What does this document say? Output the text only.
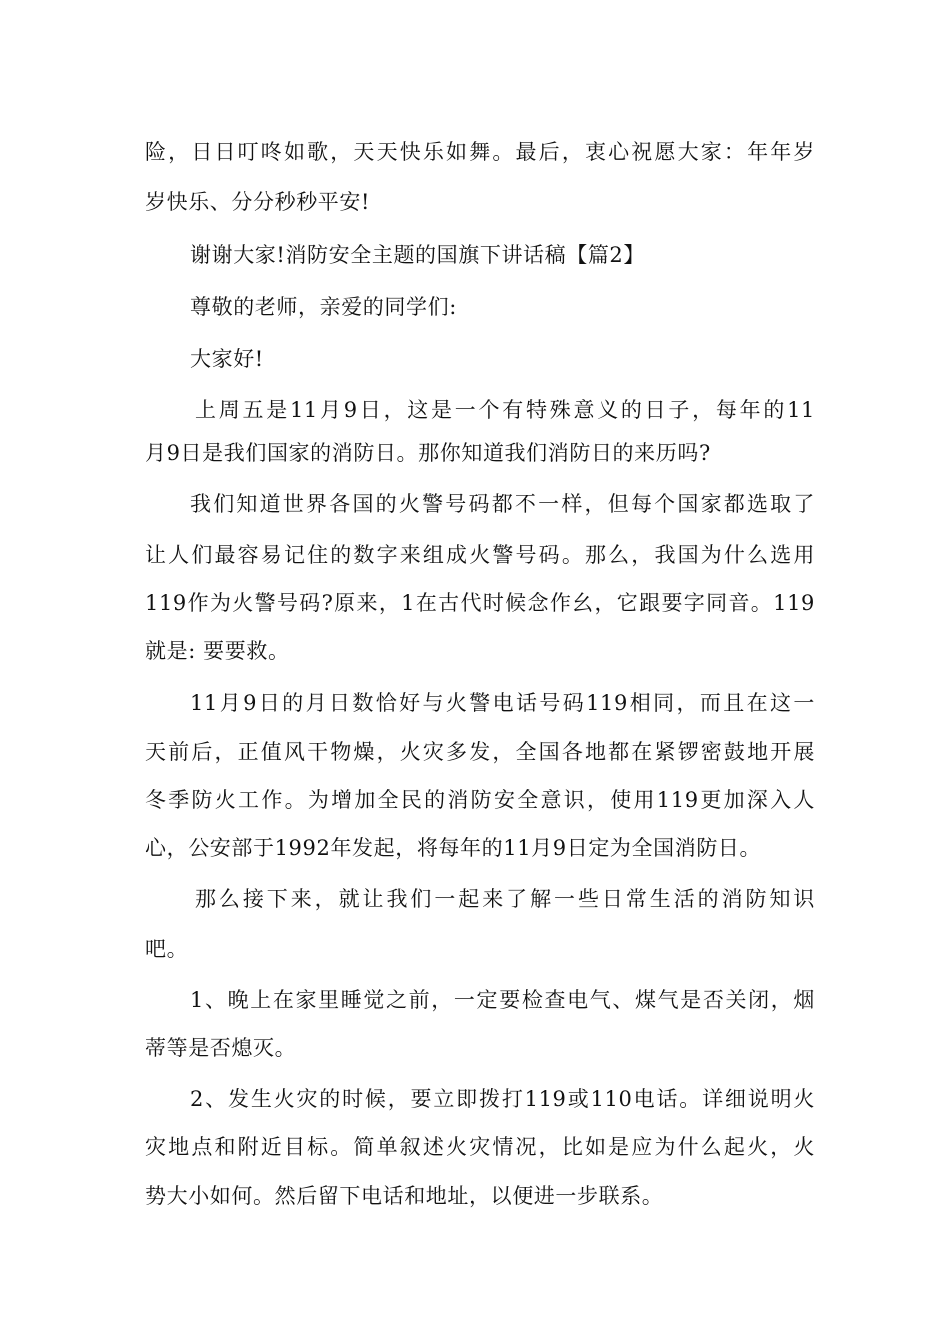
险，日日叮咚如歌，天天快乐如舞。最后，衷心祝愿大家：年年岁
岁快乐、分分秒秒平安!
谢谢大家!消防安全主题的国旗下讲话稿【篇2】
尊敬的老师，亲爱的同学们:
大家好!
上周五是11月9日，这是一个有特殊意义的日子，每年的11
月9日是我们国家的消防日。那你知道我们消防日的来历吗?
我们知道世界各国的火警号码都不一样，但每个国家都选取了
让人们最容易记住的数字来组成火警号码。那么，我国为什么选用
119作为火警号码?原来，1在古代时候念作幺，它跟要字同音。119
就是: 要要救。
11月9日的月日数恰好与火警电话号码119相同，而且在这一
天前后，正值风干物燥，火灾多发，全国各地都在紧锣密鼓地开展
冬季防火工作。为增加全民的消防安全意识，使用119更加深入人
心，公安部于1992年发起，将每年的11月9日定为全国消防日。
那么接下来，就让我们一起来了解一些日常生活的消防知识
吧。
1、晚上在家里睡觉之前，一定要检查电气、煤气是否关闭，烟
蒂等是否熄灭。
2、发生火灾的时候，要立即拨打119或110电话。详细说明火
灾地点和附近目标。简单叙述火灾情况，比如是应为什么起火，火
势大小如何。然后留下电话和地址，以便进一步联系。
